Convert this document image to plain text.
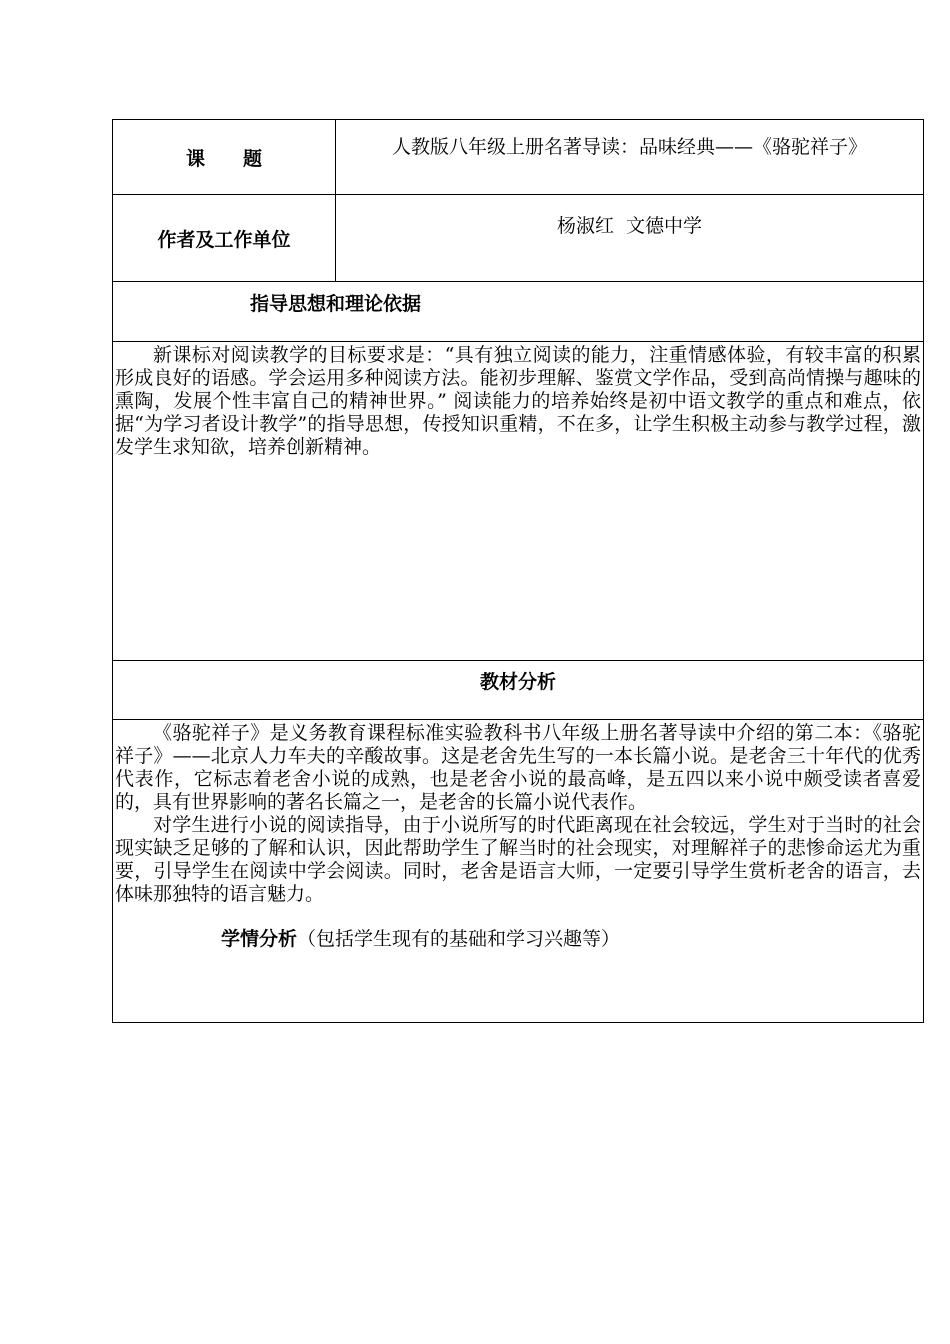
课　　题	人教版八年级上册名著导读：品味经典——《骆驼祥子》

作者及工作单位	杨淑红  文德中学

指导思想和理论依据	

新课标对阅读教学的目标要求是：“具有独立阅读的能力，注重情感体验，有较丰富的积累形成良好的语感。学会运用多种阅读方法。能初步理解、鉴赏文学作品，受到高尚情操与趣味的熏陶，发展个性丰富自己的精神世界。” 阅读能力的培养始终是初中语文教学的重点和难点，依据“为学习者设计教学”的指导思想，传授知识重精，不在多，让学生积极主动参与教学过程，激发学生求知欲，培养创新精神。	

教材分析	

《骆驼祥子》是义务教育课程标准实验教科书八年级上册名著导读中介绍的第二本：《骆驼祥子》——北京人力车夫的辛酸故事。这是老舍先生写的一本长篇小说。是老舍三十年代的优秀代表作，它标志着老舍小说的成熟，也是老舍小说的最高峰，是五四以来小说中颇受读者喜爱的，具有世界影响的著名长篇之一，是老舍的长篇小说代表作。

对学生进行小说的阅读指导，由于小说所写的时代距离现在社会较远，学生对于当时的社会现实缺乏足够的了解和认识，因此帮助学生了解当时的社会现实，对理解祥子的悲惨命运尤为重要，引导学生在阅读中学会阅读。同时，老舍是语言大师，一定要引导学生赏析老舍的语言，去体味那独特的语言魅力。

学情分析（包括学生现有的基础和学习兴趣等）	
